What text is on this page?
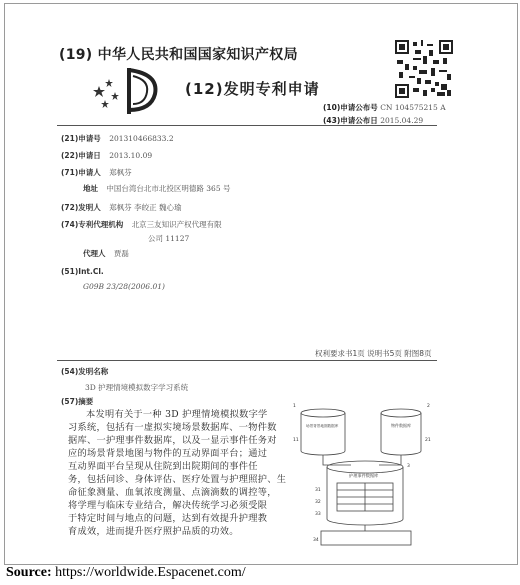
(19) 中华人民共和国国家知识产权局
(12)发明专利申请
(10)申请公布号 CN 104575215 A
(43)申请公布日 2015.04.29
(21)申请号 201310466833.2
(22)申请日 2013.10.09
(71)申请人 郑枫芬
地址 中国台湾台北市北投区明德路 365 号
(72)发明人 郑枫芬 李皎正 魏心瑜
(74)专利代理机构 北京三友知识产权代理有限
公司 11127
代理人 贾磊
(51)Int.Cl.
G09B 23/28(2006.01)
权利要求书1页 说明书5页 附图8页
(54)发明名称
3D 护理情境模拟数字学习系统
(57)摘要
本发明有关于一种 3D 护理情境模拟数字学
习系统，包括有一虚拟实境场景数据库、一物件数
据库、一护理事件数据库，以及一显示事件任务对
应的场景背景地图与物件的互动界面平台；通过
互动界面平台呈现从住院到出院期间的事件任
务，包括问诊、身体评估、医疗处置与护理照护、生
命征象测量、血氧浓度测量、点滴滴数的调控等，
将学理与临床专业结合，解决传统学习必须受限
于特定时间与地点的问题，达到有效提升护理教
育成效，进而提升医疗照护品质的功效。
场景背景地图数据库	物件数据库
护理事件数据库
1
11
2
21
3
31
32
33
34
Source: https://worldwide.Espacenet.com/
